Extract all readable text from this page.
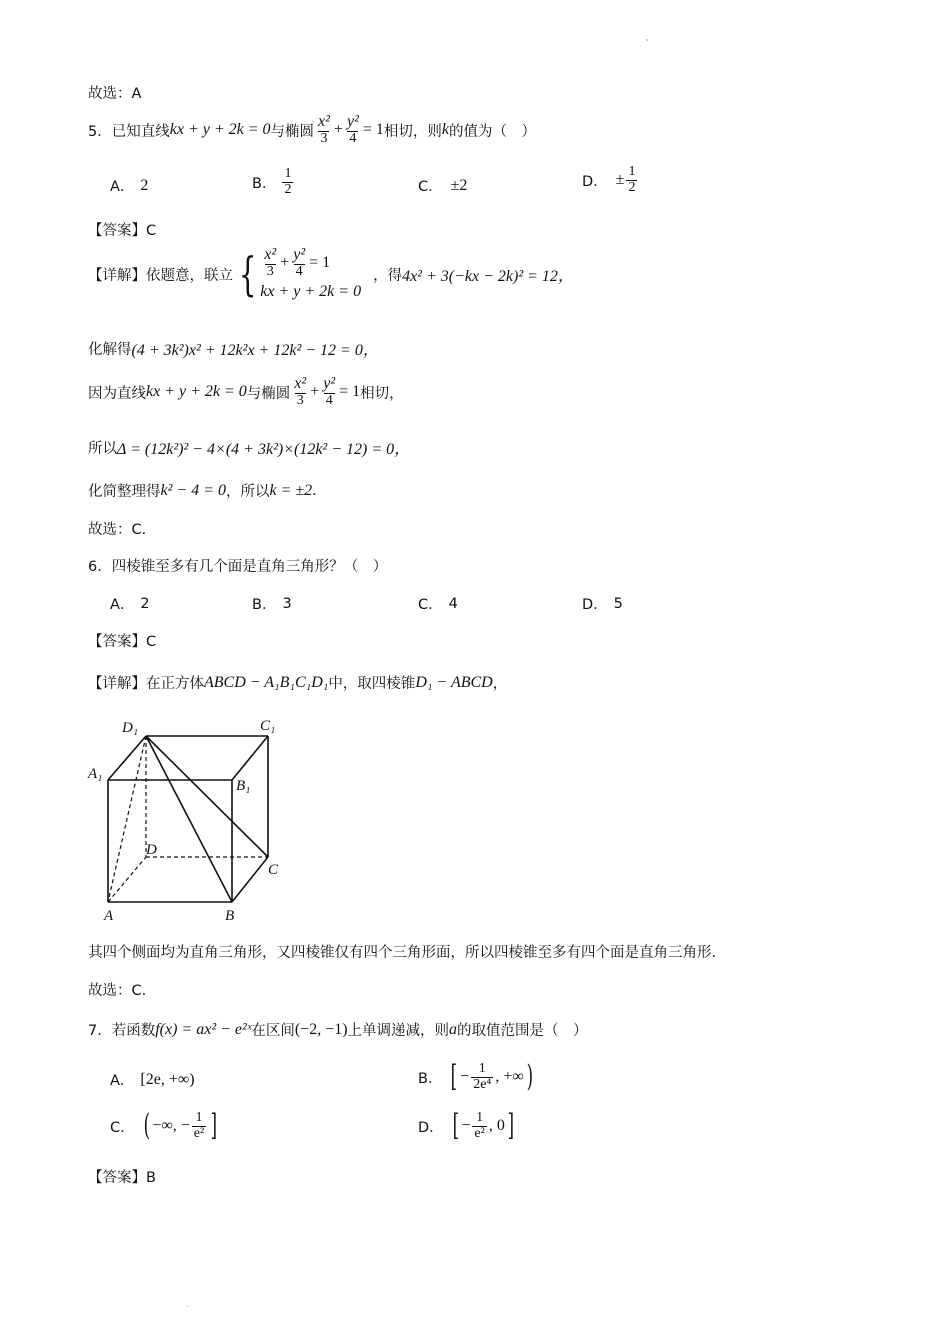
'
故选：A
5． 已知直线 kx + y + 2k = 0 与椭圆 $\frac{\text{x²}}{3} + \frac{\text{y²}}{4} = 1$ 相切，则 k 的值为（　）
A． 2	B． $\frac{1}{2}$	C． ±2	D． ± $\frac{1}{2}$
【答案】C
【详解】 依题意，联立 { $\frac{\text{x²}}{3} + \frac{\text{y²}}{4} = 1$
kx + y + 2k = 0
，得 4x² + 3(−kx − 2k)² = 12，
化解得 (4 + 3k²)x² + 12k²x + 12k² − 12 = 0，
因为直线 kx + y + 2k = 0 与椭圆 $\frac{\text{x²}}{3} + \frac{\text{y²}}{4} = 1$ 相切，
所以 Δ = (12k²)² − 4×(4 + 3k²)×(12k² − 12) = 0，
化简整理得 k² − 4 = 0 ，所以 k = ±2 .
故选：C.
6． 四棱锥至多有几个面是直角三角形？（　）
A． 2	B． 3	C． 4	D． 5
【答案】C
【详解】 在正方体 ABCD − A₁B₁C₁D₁ 中，取四棱锥 D₁ − ABCD ，
D₁	C₁
A₁
B₁
D
C
A	B
其四个侧面均为直角三角形，又四棱锥仅有四个三角形面，所以四棱锥至多有四个面是直角三角形.
故选：C.
7． 若函数 f(x) = ax² − e²ˣ 在区间 (−2, −1) 上单调递减，则 a 的取值范围是（　）
A． [2e, +∞)	B． [ − $\frac{1}{\text{2e⁴}}$ , +∞ )
C． ( −∞, − $\frac{1}{\text{e²}}$ ]	D． [ − $\frac{1}{\text{e²}}$ , 0 ]
【答案】B
.
